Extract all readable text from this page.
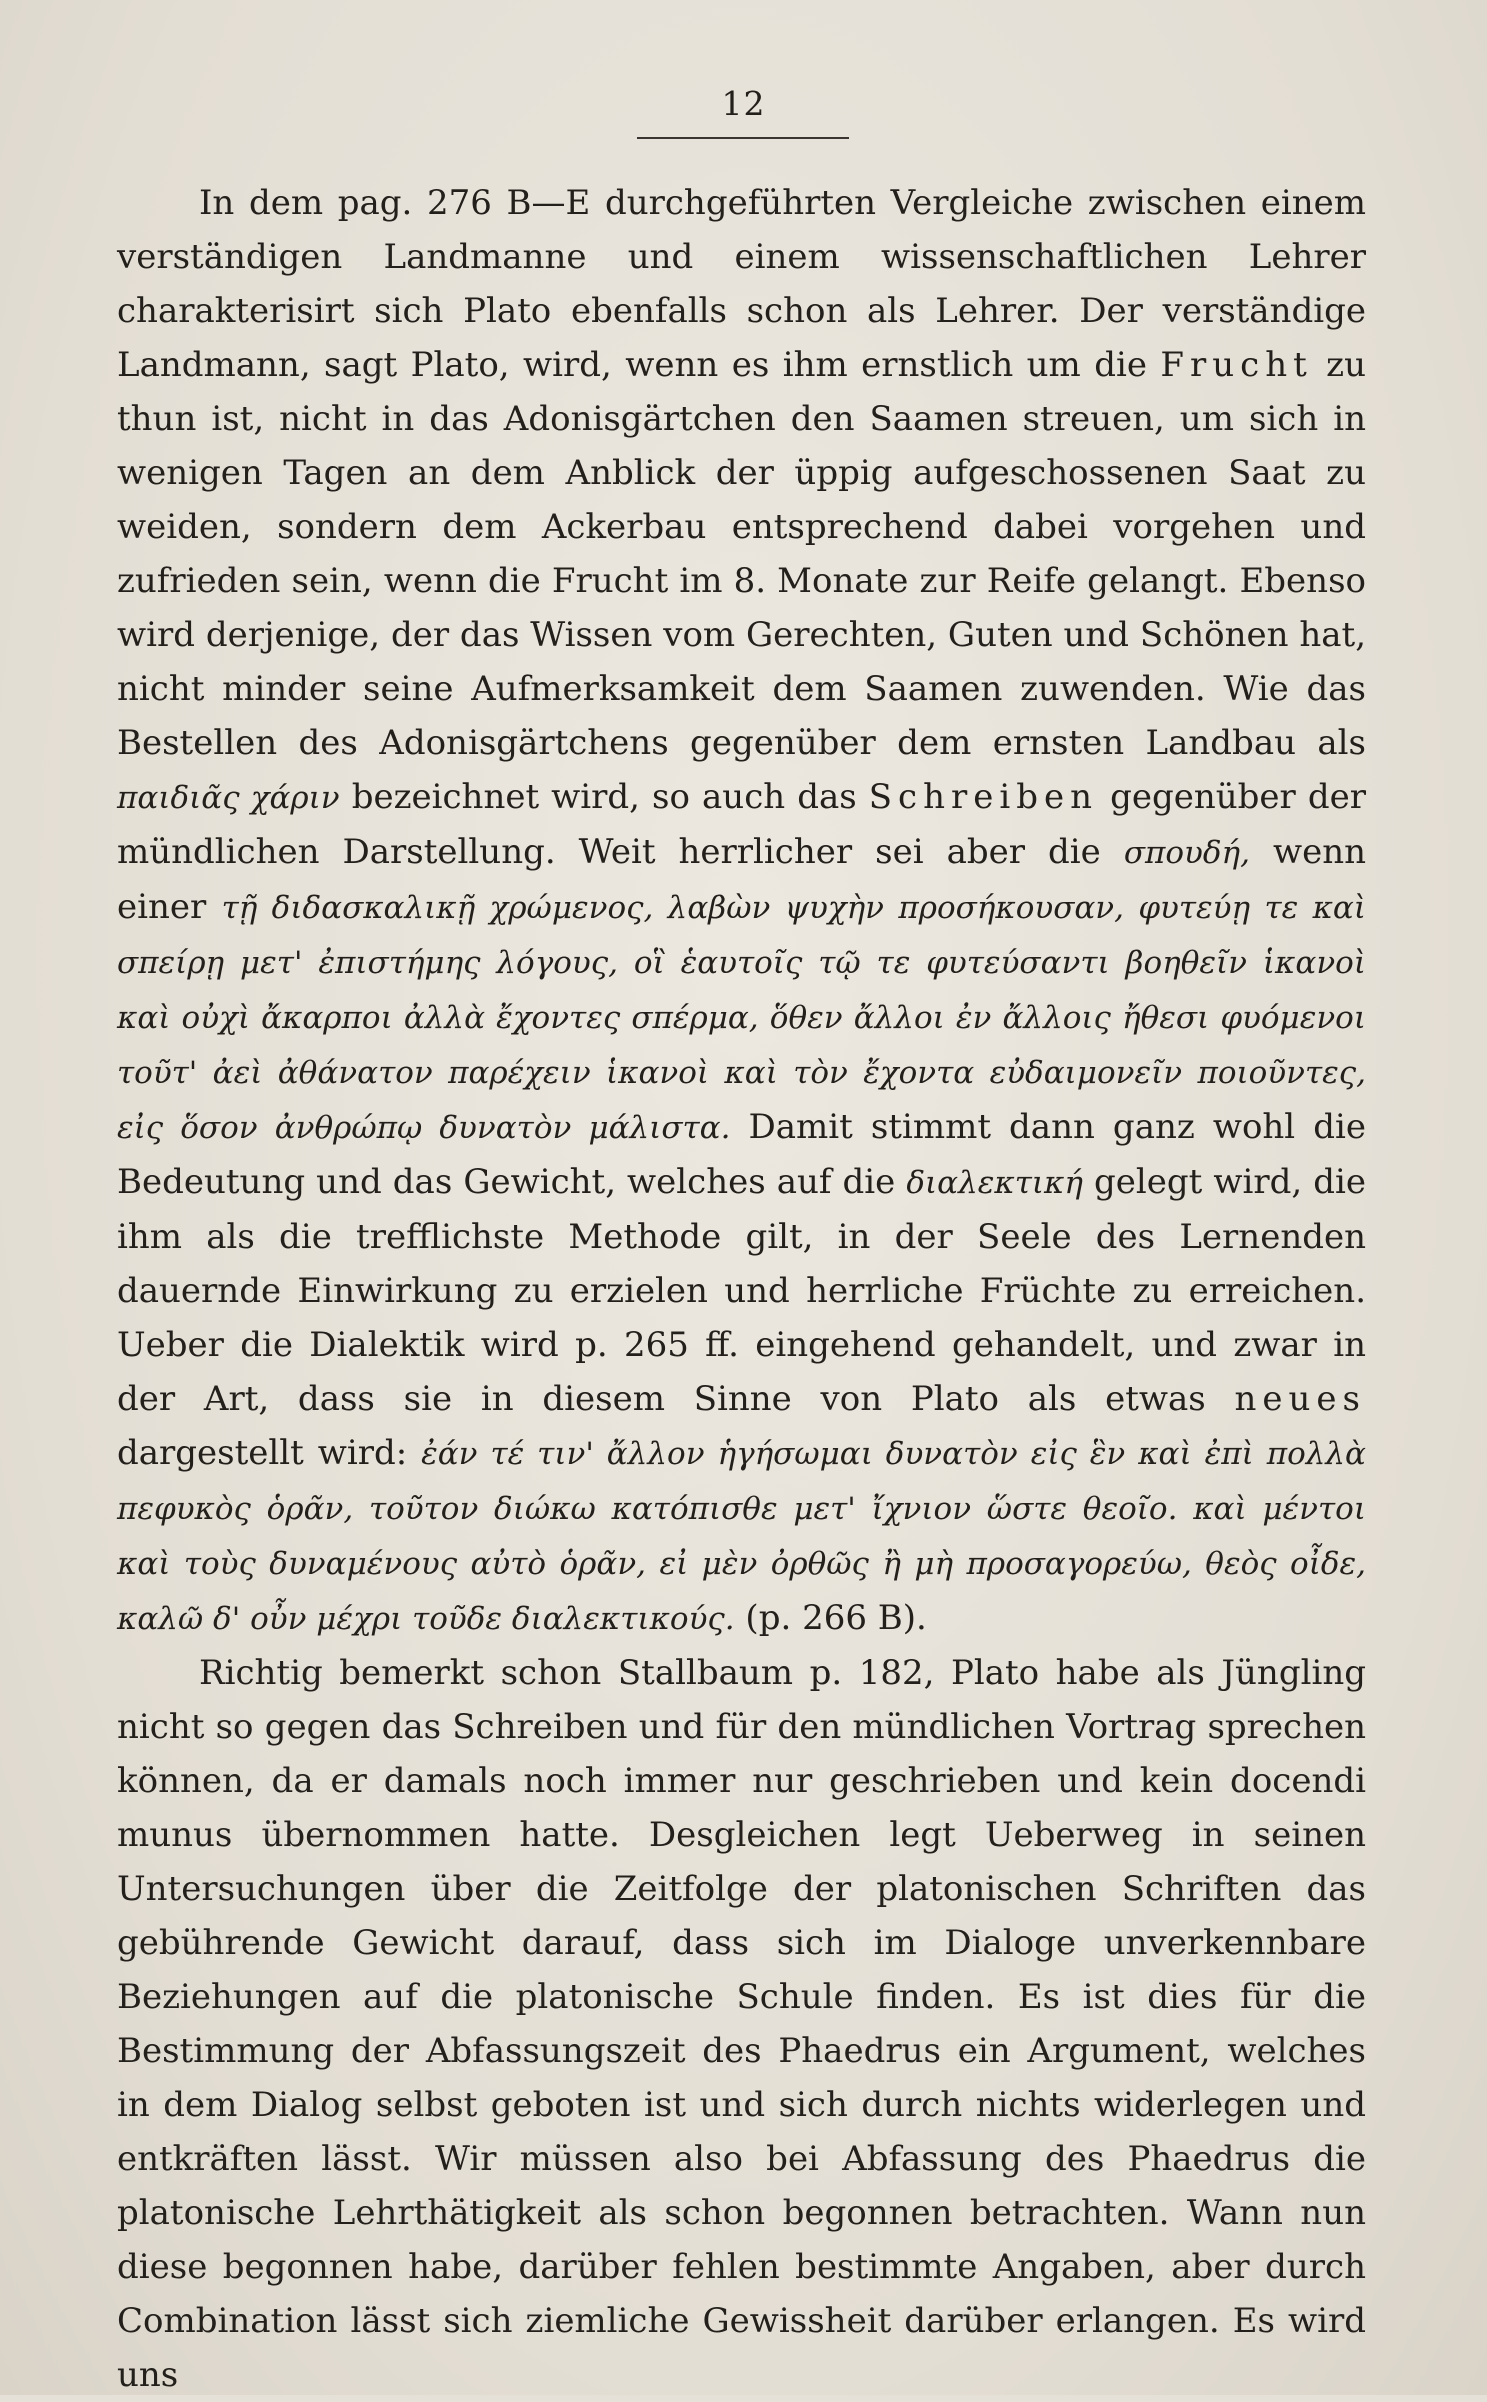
12

In dem pag. 276 B—E durchgeführten Vergleiche zwischen einem verständigen Landmanne und einem wissenschaftlichen Lehrer charakterisirt sich Plato ebenfalls schon als Lehrer. Der verständige Landmann, sagt Plato, wird, wenn es ihm ernstlich um die Frucht zu thun ist, nicht in das Adonisgärtchen den Saamen streuen, um sich in wenigen Tagen an dem Anblick der üppig aufgeschossenen Saat zu weiden, sondern dem Ackerbau entsprechend dabei vorgehen und zufrieden sein, wenn die Frucht im 8. Monate zur Reife gelangt. Ebenso wird derjenige, der das Wissen vom Gerechten, Guten und Schönen hat, nicht minder seine Aufmerksamkeit dem Saamen zuwenden. Wie das Bestellen des Adonisgärtchens gegenüber dem ernsten Landbau als παιδιᾶς χάριν bezeichnet wird, so auch das Schreiben gegenüber der mündlichen Darstellung. Weit herrlicher sei aber die σπουδή, wenn einer τῇ διδασκαλικῇ χρώμενος, λαβὼν ψυχὴν προσήκουσαν, φυτεύῃ τε καὶ σπείρῃ μετ' ἐπιστήμης λόγους, οἳ ἑαυτοῖς τῷ τε φυτεύσαντι βοηθεῖν ἱκανοὶ καὶ οὐχὶ ἄκαρποι ἀλλὰ ἔχοντες σπέρμα, ὅθεν ἄλλοι ἐν ἄλλοις ἤθεσι φυόμενοι τοῦτ' ἀεὶ ἀθάνατον παρέχειν ἱκανοὶ καὶ τὸν ἔχοντα εὐδαιμονεῖν ποιοῦντες, εἰς ὅσον ἀνθρώπῳ δυνατὸν μάλιστα. Damit stimmt dann ganz wohl die Bedeutung und das Gewicht, welches auf die διαλεκτική gelegt wird, die ihm als die trefflichste Methode gilt, in der Seele des Lernenden dauernde Einwirkung zu erzielen und herrliche Früchte zu erreichen. Ueber die Dialektik wird p. 265 ff. eingehend gehandelt, und zwar in der Art, dass sie in diesem Sinne von Plato als etwas neues dargestellt wird: ἐάν τέ τιν' ἄλλον ἡγήσωμαι δυνατὸν εἰς ἓν καὶ ἐπὶ πολλὰ πεφυκὸς ὁρᾶν, τοῦτον διώκω κατόπισθε μετ' ἴχνιον ὥστε θεοῖο. καὶ μέντοι καὶ τοὺς δυναμένους αὐτὸ ὁρᾶν, εἰ μὲν ὀρθῶς ἢ μὴ προσαγορεύω, θεὸς οἶδε, καλῶ δ' οὖν μέχρι τοῦδε διαλεκτικούς. (p. 266 B).

Richtig bemerkt schon Stallbaum p. 182, Plato habe als Jüngling nicht so gegen das Schreiben und für den mündlichen Vortrag sprechen können, da er damals noch immer nur geschrieben und kein docendi munus übernommen hatte. Desgleichen legt Ueberweg in seinen Untersuchungen über die Zeitfolge der platonischen Schriften das gebührende Gewicht darauf, dass sich im Dialoge unverkennbare Beziehungen auf die platonische Schule finden. Es ist dies für die Bestimmung der Abfassungszeit des Phaedrus ein Argument, welches in dem Dialog selbst geboten ist und sich durch nichts widerlegen und entkräften lässt. Wir müssen also bei Abfassung des Phaedrus die platonische Lehrthätigkeit als schon begonnen betrachten. Wann nun diese begonnen habe, darüber fehlen bestimmte Angaben, aber durch Combination lässt sich ziemliche Gewissheit darüber erlangen. Es wird uns
